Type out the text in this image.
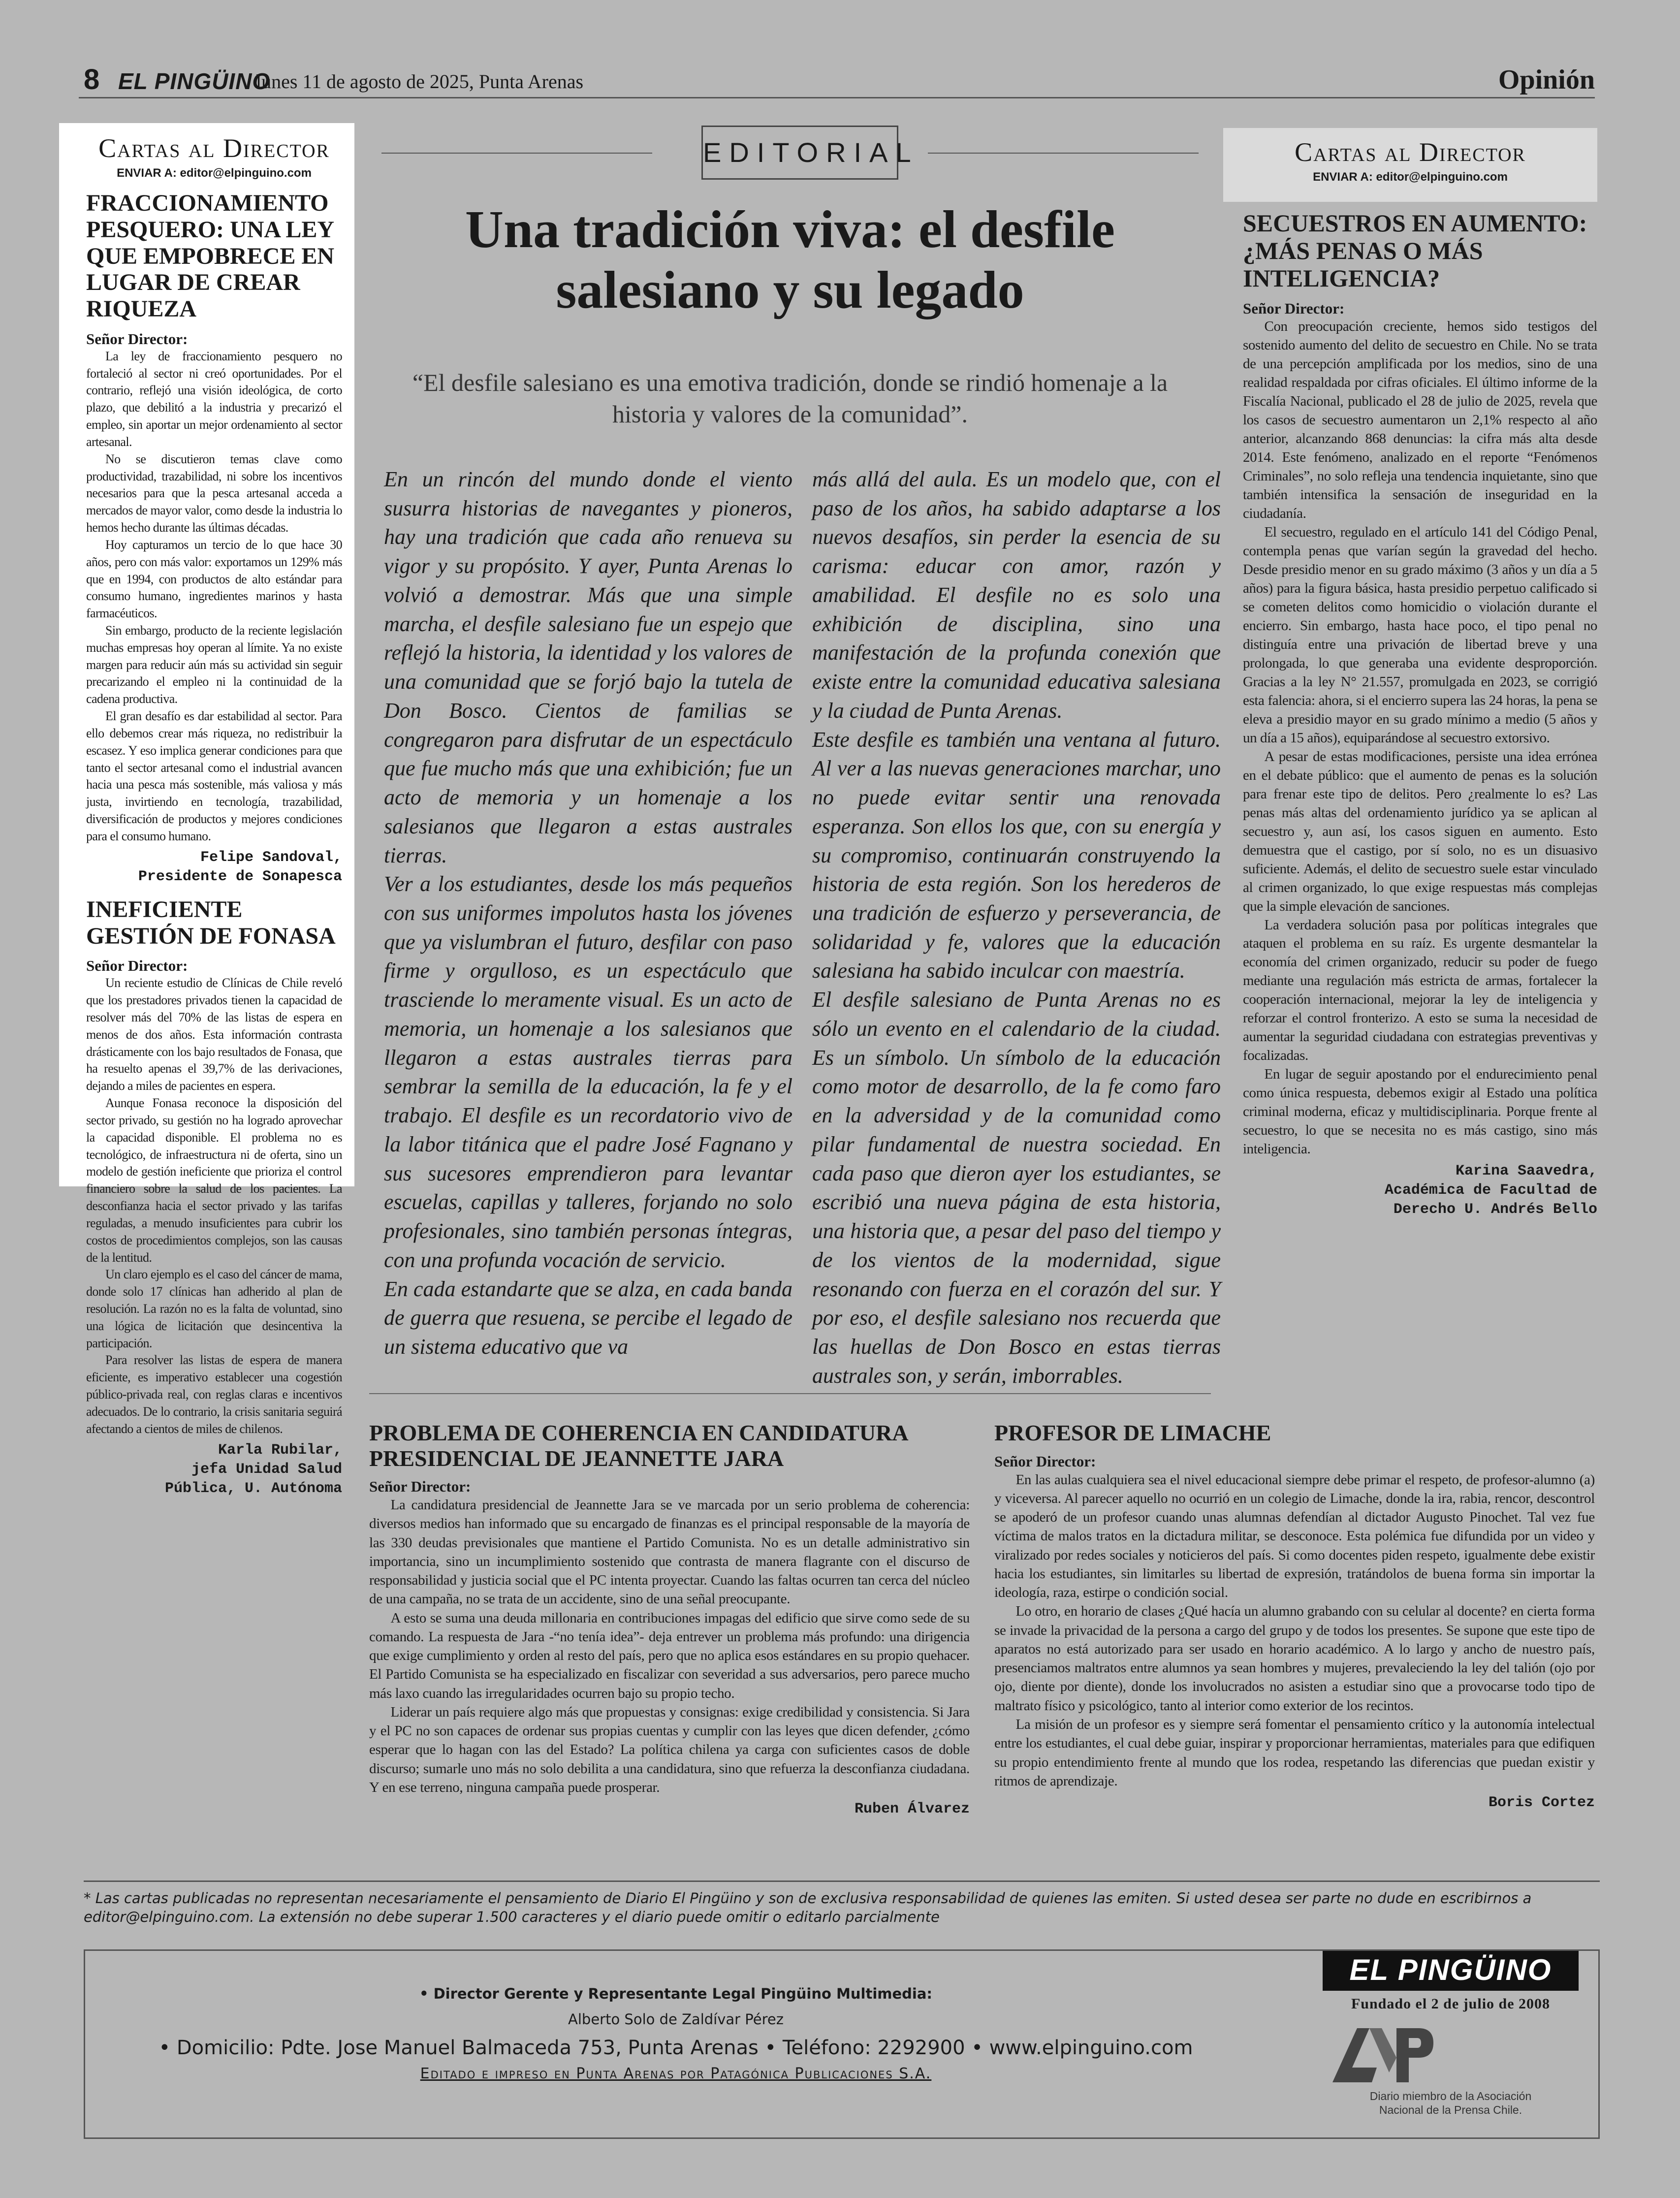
8 EL PINGÜINO
lunes 11 de agosto de 2025, Punta Arenas	Opinión
Cartas al Director
ENVIAR A: editor@elpinguino.com
FRACCIONAMIENTO PESQUERO: UNA LEY QUE EMPOBRECE EN LUGAR DE CREAR RIQUEZA
Señor Director:

La ley de fraccionamiento pesquero no fortaleció al sector ni creó oportunidades. Por el contrario, reflejó una visión ideológica, de corto plazo, que debilitó a la industria y precarizó el empleo, sin aportar un mejor ordenamiento al sector artesanal.

No se discutieron temas clave como productividad, trazabilidad, ni sobre los incentivos necesarios para que la pesca artesanal acceda a mercados de mayor valor, como desde la industria lo hemos hecho durante las últimas décadas.

Hoy capturamos un tercio de lo que hace 30 años, pero con más valor: exportamos un 129% más que en 1994, con productos de alto estándar para consumo humano, ingredientes marinos y hasta farmacéuticos.

Sin embargo, producto de la reciente legislación muchas empresas hoy operan al límite. Ya no existe margen para reducir aún más su actividad sin seguir precarizando el empleo ni la continuidad de la cadena productiva.

El gran desafío es dar estabilidad al sector. Para ello debemos crear más riqueza, no redistribuir la escasez. Y eso implica generar condiciones para que tanto el sector artesanal como el industrial avancen hacia una pesca más sostenible, más valiosa y más justa, invirtiendo en tecnología, trazabilidad, diversificación de productos y mejores condiciones para el consumo humano.

Felipe Sandoval,
Presidente de Sonapesca
INEFICIENTE GESTIÓN DE FONASA
Señor Director:

Un reciente estudio de Clínicas de Chile reveló que los prestadores privados tienen la capacidad de resolver más del 70% de las listas de espera en menos de dos años. Esta información contrasta drásticamente con los bajo resultados de Fonasa, que ha resuelto apenas el 39,7% de las derivaciones, dejando a miles de pacientes en espera.

Aunque Fonasa reconoce la disposición del sector privado, su gestión no ha logrado aprovechar la capacidad disponible. El problema no es tecnológico, de infraestructura ni de oferta, sino un modelo de gestión ineficiente que prioriza el control financiero sobre la salud de los pacientes. La desconfianza hacia el sector privado y las tarifas reguladas, a menudo insuficientes para cubrir los costos de procedimientos complejos, son las causas de la lentitud.

Un claro ejemplo es el caso del cáncer de mama, donde solo 17 clínicas han adherido al plan de resolución. La razón no es la falta de voluntad, sino una lógica de licitación que desincentiva la participación.

Para resolver las listas de espera de manera eficiente, es imperativo establecer una cogestión público-privada real, con reglas claras e incentivos adecuados. De lo contrario, la crisis sanitaria seguirá afectando a cientos de miles de chilenos.

Karla Rubilar,
jefa Unidad Salud
Pública, U. Autónoma
EDITORIAL
Una tradición viva: el desfile salesiano y su legado
“El desfile salesiano es una emotiva tradición, donde se rindió homenaje a la historia y valores de la comunidad”.

En un rincón del mundo donde el viento susurra historias de navegantes y pioneros, hay una tradición que cada año renueva su vigor y su propósito. Y ayer, Punta Arenas lo volvió a demostrar. Más que una simple marcha, el desfile salesiano fue un espejo que reflejó la historia, la identidad y los valores de una comunidad que se forjó bajo la tutela de Don Bosco. Cientos de familias se congregaron para disfrutar de un espectáculo que fue mucho más que una exhibición; fue un acto de memoria y un homenaje a los salesianos que llegaron a estas australes tierras.

Ver a los estudiantes, desde los más pequeños con sus uniformes impolutos hasta los jóvenes que ya vislumbran el futuro, desfilar con paso firme y orgulloso, es un espectáculo que trasciende lo meramente visual. Es un acto de memoria, un homenaje a los salesianos que llegaron a estas australes tierras para sembrar la semilla de la educación, la fe y el trabajo. El desfile es un recordatorio vivo de la labor titánica que el padre José Fagnano y sus sucesores emprendieron para levantar escuelas, capillas y talleres, forjando no solo profesionales, sino también personas íntegras, con una profunda vocación de servicio.

En cada estandarte que se alza, en cada banda de guerra que resuena, se percibe el legado de un sistema educativo que va

más allá del aula. Es un modelo que, con el paso de los años, ha sabido adaptarse a los nuevos desafíos, sin perder la esencia de su carisma: educar con amor, razón y amabilidad. El desfile no es solo una exhibición de disciplina, sino una manifestación de la profunda conexión que existe entre la comunidad educativa salesiana y la ciudad de Punta Arenas.

Este desfile es también una ventana al futuro. Al ver a las nuevas generaciones marchar, uno no puede evitar sentir una renovada esperanza. Son ellos los que, con su energía y su compromiso, continuarán construyendo la historia de esta región. Son los herederos de una tradición de esfuerzo y perseverancia, de solidaridad y fe, valores que la educación salesiana ha sabido inculcar con maestría.

El desfile salesiano de Punta Arenas no es sólo un evento en el calendario de la ciudad. Es un símbolo. Un símbolo de la educación como motor de desarrollo, de la fe como faro en la adversidad y de la comunidad como pilar fundamental de nuestra sociedad. En cada paso que dieron ayer los estudiantes, se escribió una nueva página de esta historia, una historia que, a pesar del paso del tiempo y de los vientos de la modernidad, sigue resonando con fuerza en el corazón del sur. Y por eso, el desfile salesiano nos recuerda que las huellas de Don Bosco en estas tierras australes son, y serán, imborrables.

Cartas al Director
ENVIAR A: editor@elpinguino.com
SECUESTROS EN AUMENTO: ¿MÁS PENAS O MÁS INTELIGENCIA?
Señor Director:

Con preocupación creciente, hemos sido testigos del sostenido aumento del delito de secuestro en Chile. No se trata de una percepción amplificada por los medios, sino de una realidad respaldada por cifras oficiales. El último informe de la Fiscalía Nacional, publicado el 28 de julio de 2025, revela que los casos de secuestro aumentaron un 2,1% respecto al año anterior, alcanzando 868 denuncias: la cifra más alta desde 2014. Este fenómeno, analizado en el reporte “Fenómenos Criminales”, no solo refleja una tendencia inquietante, sino que también intensifica la sensación de inseguridad en la ciudadanía.

El secuestro, regulado en el artículo 141 del Código Penal, contempla penas que varían según la gravedad del hecho. Desde presidio menor en su grado máximo (3 años y un día a 5 años) para la figura básica, hasta presidio perpetuo calificado si se cometen delitos como homicidio o violación durante el encierro. Sin embargo, hasta hace poco, el tipo penal no distinguía entre una privación de libertad breve y una prolongada, lo que generaba una evidente desproporción. Gracias a la ley N° 21.557, promulgada en 2023, se corrigió esta falencia: ahora, si el encierro supera las 24 horas, la pena se eleva a presidio mayor en su grado mínimo a medio (5 años y un día a 15 años), equiparándose al secuestro extorsivo.

A pesar de estas modificaciones, persiste una idea errónea en el debate público: que el aumento de penas es la solución para frenar este tipo de delitos. Pero ¿realmente lo es? Las penas más altas del ordenamiento jurídico ya se aplican al secuestro y, aun así, los casos siguen en aumento. Esto demuestra que el castigo, por sí solo, no es un disuasivo suficiente. Además, el delito de secuestro suele estar vinculado al crimen organizado, lo que exige respuestas más complejas que la simple elevación de sanciones.

La verdadera solución pasa por políticas integrales que ataquen el problema en su raíz. Es urgente desmantelar la economía del crimen organizado, reducir su poder de fuego mediante una regulación más estricta de armas, fortalecer la cooperación internacional, mejorar la ley de inteligencia y reforzar el control fronterizo. A esto se suma la necesidad de aumentar la seguridad ciudadana con estrategias preventivas y focalizadas.

En lugar de seguir apostando por el endurecimiento penal como única respuesta, debemos exigir al Estado una política criminal moderna, eficaz y multidisciplinaria. Porque frente al secuestro, lo que se necesita no es más castigo, sino más inteligencia.

Karina Saavedra,
Académica de Facultad de
Derecho U. Andrés Bello
PROBLEMA DE COHERENCIA EN CANDIDATURA PRESIDENCIAL DE JEANNETTE JARA
Señor Director:

La candidatura presidencial de Jeannette Jara se ve marcada por un serio problema de coherencia: diversos medios han informado que su encargado de finanzas es el principal responsable de la mayoría de las 330 deudas previsionales que mantiene el Partido Comunista. No es un detalle administrativo sin importancia, sino un incumplimiento sostenido que contrasta de manera flagrante con el discurso de responsabilidad y justicia social que el PC intenta proyectar. Cuando las faltas ocurren tan cerca del núcleo de una campaña, no se trata de un accidente, sino de una señal preocupante.

A esto se suma una deuda millonaria en contribuciones impagas del edificio que sirve como sede de su comando. La respuesta de Jara -“no tenía idea”- deja entrever un problema más profundo: una dirigencia que exige cumplimiento y orden al resto del país, pero que no aplica esos estándares en su propio quehacer. El Partido Comunista se ha especializado en fiscalizar con severidad a sus adversarios, pero parece mucho más laxo cuando las irregularidades ocurren bajo su propio techo.

Liderar un país requiere algo más que propuestas y consignas: exige credibilidad y consistencia. Si Jara y el PC no son capaces de ordenar sus propias cuentas y cumplir con las leyes que dicen defender, ¿cómo esperar que lo hagan con las del Estado? La política chilena ya carga con suficientes casos de doble discurso; sumarle uno más no solo debilita a una candidatura, sino que refuerza la desconfianza ciudadana. Y en ese terreno, ninguna campaña puede prosperar.

Ruben Álvarez
PROFESOR DE LIMACHE
Señor Director:

En las aulas cualquiera sea el nivel educacional siempre debe primar el respeto, de profesor-alumno (a) y viceversa. Al parecer aquello no ocurrió en un colegio de Limache, donde la ira, rabia, rencor, descontrol se apoderó de un profesor cuando unas alumnas defendían al dictador Augusto Pinochet. Tal vez fue víctima de malos tratos en la dictadura militar, se desconoce. Esta polémica fue difundida por un video y viralizado por redes sociales y noticieros del país. Si como docentes piden respeto, igualmente debe existir hacia los estudiantes, sin limitarles su libertad de expresión, tratándolos de buena forma sin importar la ideología, raza, estirpe o condición social.

Lo otro, en horario de clases ¿Qué hacía un alumno grabando con su celular al docente? en cierta forma se invade la privacidad de la persona a cargo del grupo y de todos los presentes. Se supone que este tipo de aparatos no está autorizado para ser usado en horario académico. A lo largo y ancho de nuestro país, presenciamos maltratos entre alumnos ya sean hombres y mujeres, prevaleciendo la ley del talión (ojo por ojo, diente por diente), donde los involucrados no asisten a estudiar sino que a provocarse todo tipo de maltrato físico y psicológico, tanto al interior como exterior de los recintos.

La misión de un profesor es y siempre será fomentar el pensamiento crítico y la autonomía intelectual entre los estudiantes, el cual debe guiar, inspirar y proporcionar herramientas, materiales para que edifiquen su propio entendimiento frente al mundo que los rodea, respetando las diferencias que puedan existir y ritmos de aprendizaje.

Boris Cortez
* Las cartas publicadas no representan necesariamente el pensamiento de Diario El Pingüino y son de exclusiva responsabilidad de quienes las emiten. Si usted desea ser parte no dude en escribirnos a editor@elpinguino.com. La extensión no debe superar 1.500 caracteres y el diario puede omitir o editarlo parcialmente
• Director Gerente y Representante Legal Pingüino Multimedia:
Alberto Solo de Zaldívar Pérez
• Domicilio: Pdte. Jose Manuel Balmaceda 753, Punta Arenas • Teléfono: 2292900 • www.elpinguino.com
Editado e impreso en Punta Arenas por Patagónica Publicaciones S.A.
EL PINGÜINO
Fundado el 2 de julio de 2008
ANP
Diario miembro de la Asociación
Nacional de la Prensa Chile.
